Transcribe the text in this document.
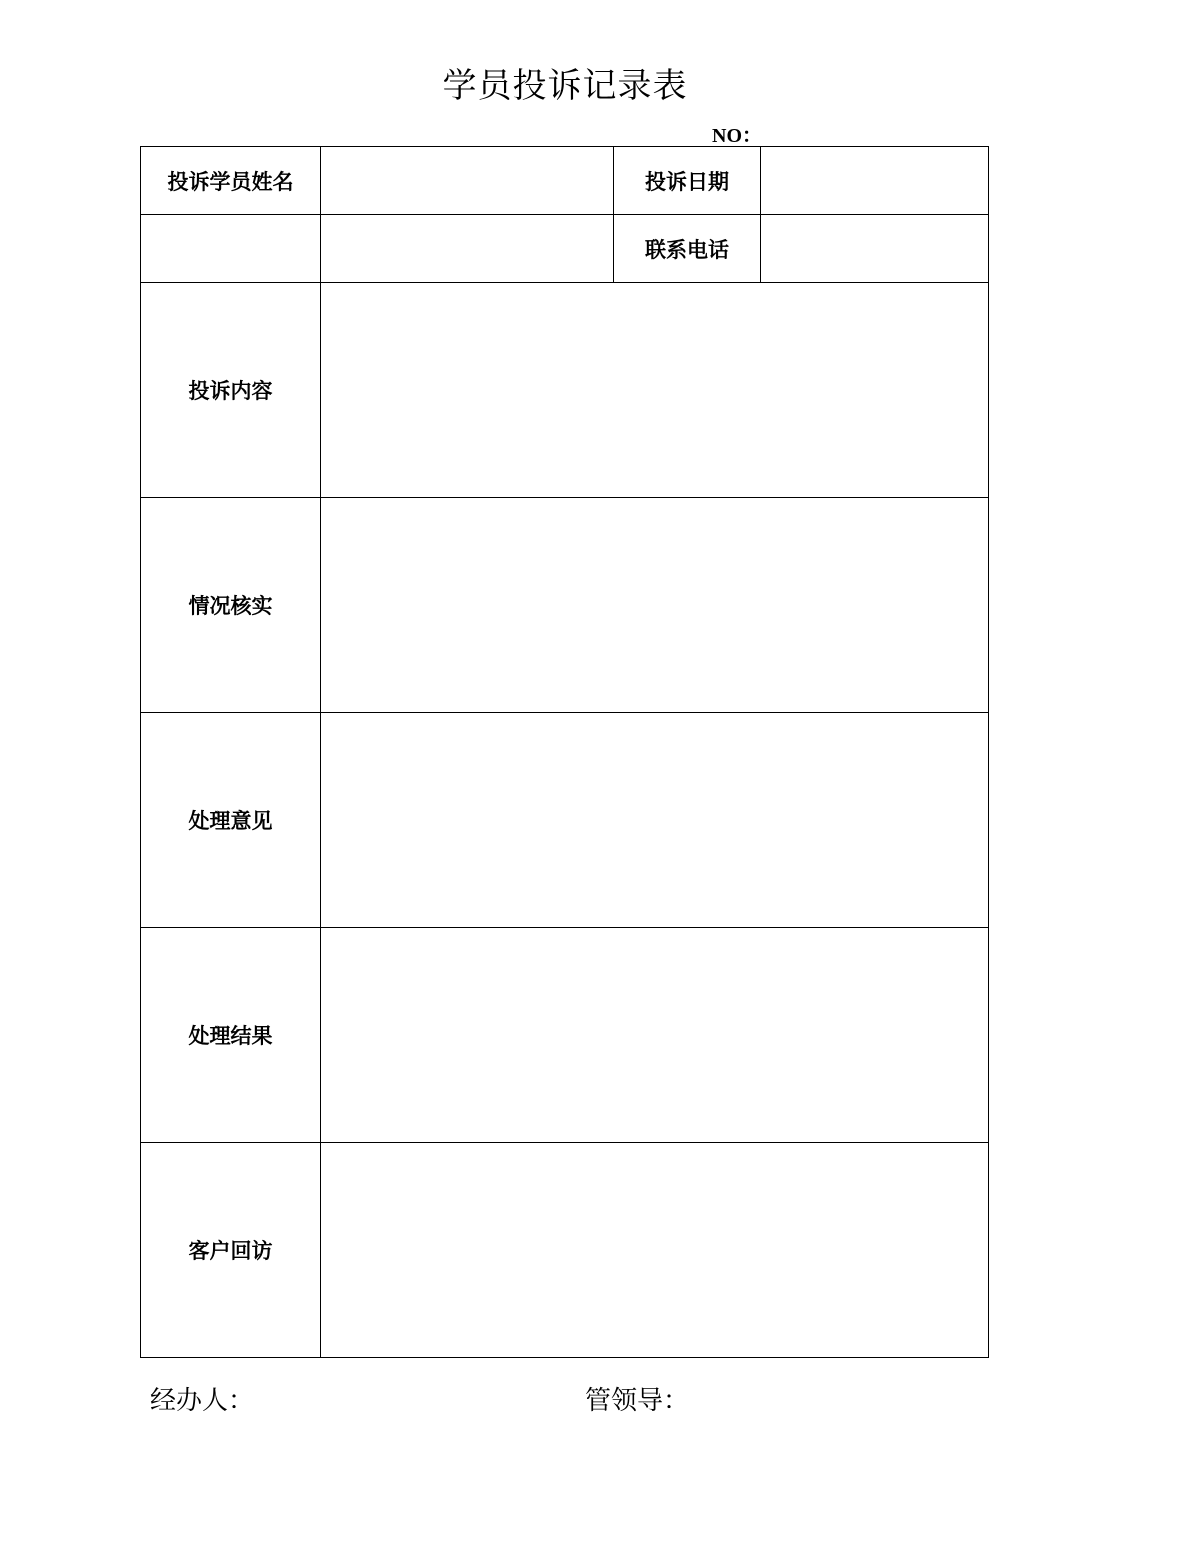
学员投诉记录表
NO：
投诉学员姓名		投诉日期	
		联系电话	
投诉内容			
情况核实			
处理意见			
处理结果			
客户回访			
经办人：	管领导：
